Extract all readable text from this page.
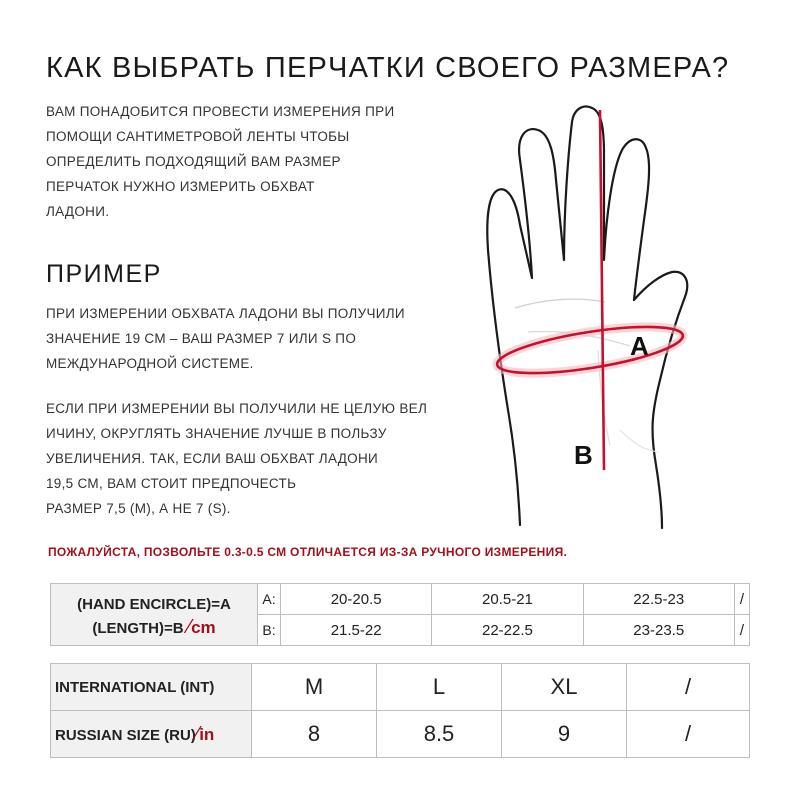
КАК ВЫБРАТЬ ПЕРЧАТКИ СВОЕГО РАЗМЕРА?
ВАМ ПОНАДОБИТСЯ ПРОВЕСТИ ИЗМЕРЕНИЯ ПРИ
ПОМОЩИ САНТИМЕТРОВОЙ ЛЕНТЫ ЧТОБЫ
ОПРЕДЕЛИТЬ ПОДХОДЯЩИЙ ВАМ РАЗМЕР
ПЕРЧАТОК НУЖНО ИЗМЕРИТЬ ОБХВАТ
ЛАДОНИ.
ПРИМЕР
ПРИ ИЗМЕРЕНИИ ОБХВАТА ЛАДОНИ ВЫ ПОЛУЧИЛИ
ЗНАЧЕНИЕ 19 СМ – ВАШ РАЗМЕР 7 ИЛИ S ПО
МЕЖДУНАРОДНОЙ СИСТЕМЕ.
ЕСЛИ ПРИ ИЗМЕРЕНИИ ВЫ ПОЛУЧИЛИ НЕ ЦЕЛУЮ ВЕЛ
ИЧИНУ, ОКРУГЛЯТЬ ЗНАЧЕНИЕ ЛУЧШЕ В ПОЛЬЗУ
УВЕЛИЧЕНИЯ. ТАК, ЕСЛИ ВАШ ОБХВАТ ЛАДОНИ
19,5 СМ, ВАМ СТОИТ ПРЕДПОЧЕСТЬ
РАЗМЕР 7,5 (М), А НЕ 7 (S).
A
B
ПОЖАЛУЙСТА, ПОЗВОЛЬТЕ 0.3-0.5 СМ ОТЛИЧАЕТСЯ ИЗ-ЗА РУЧНОГО ИЗМЕРЕНИЯ.
(HAND ENCIRCLE)=A
(LENGTH)=B ⁄cm	A:	20-20.5	20.5-21	22.5-23	/
	B:	21.5-22	22-22.5	23-23.5	/
INTERNATIONAL (INT)	M	L	XL	/
RUSSIAN SIZE (RU)⁄in	8	8.5	9	/
